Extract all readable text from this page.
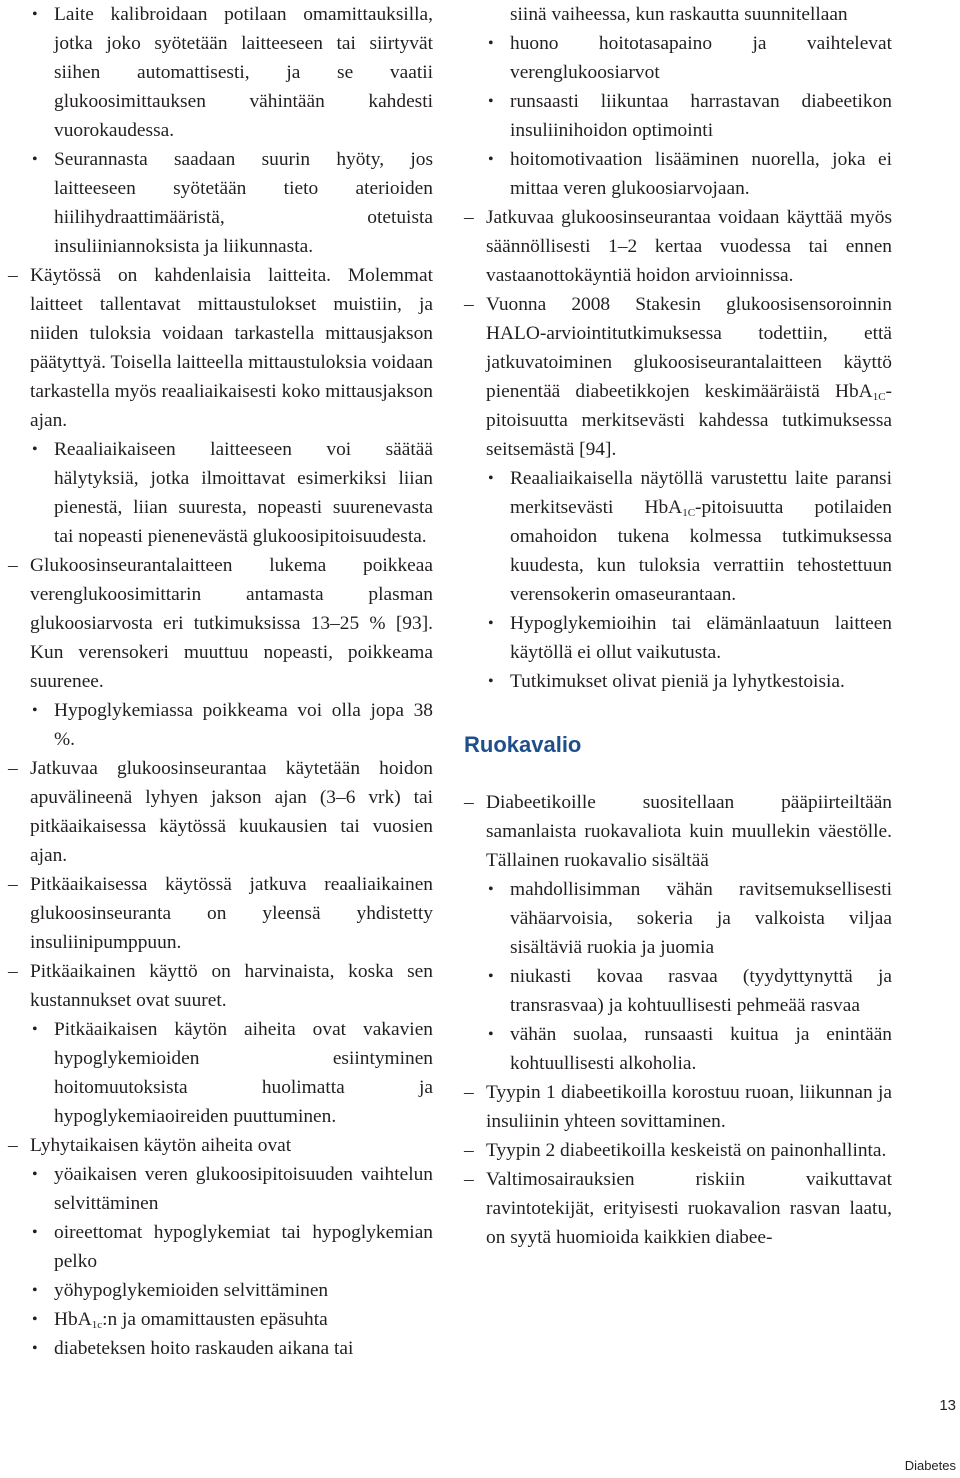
• Laite kalibroidaan potilaan omamittauksilla, jotka joko syötetään laitteeseen tai siirtyvät siihen automattisesti, ja se vaatii glukoosimittauksen vähintään kahdesti vuorokaudessa.
• Seurannasta saadaan suurin hyöty, jos laitteeseen syötetään tieto aterioiden hiilihydraattimääristä, otetuista insuliiniannoksista ja liikunnasta.
– Käytössä on kahdenlaisia laitteita. Molemmat laitteet tallentavat mittaustulokset muistiin, ja niiden tuloksia voidaan tarkastella mittausjakson päätyttyä. Toisella laitteella mittaustuloksia voidaan tarkastella myös reaaliaikaisesti koko mittausjakson ajan.
• Reaaliaikaiseen laitteeseen voi säätää hälytyksiä, jotka ilmoittavat esimerkiksi liian pienestä, liian suuresta, nopeasti suurenevasta tai nopeasti pienenevästä glukoosipitoisuudesta.
– Glukoosinseurantalaitteen lukema poikkeaa verenglukoosimittarin antamasta plasman glukoosiarvosta eri tutkimuksissa 13–25 % [93]. Kun verensokeri muuttuu nopeasti, poikkeama suurenee.
• Hypoglykemiassa poikkeama voi olla jopa 38 %.
– Jatkuvaa glukoosinseurantaa käytetään hoidon apuvälineenä lyhyen jakson ajan (3–6 vrk) tai pitkäaikaisessa käytössä kuukausien tai vuosien ajan.
– Pitkäaikaisessa käytössä jatkuva reaaliaikainen glukoosinseuranta on yleensä yhdistetty insuliinipumppuun.
– Pitkäaikainen käyttö on harvinaista, koska sen kustannukset ovat suuret.
• Pitkäaikaisen käytön aiheita ovat vakavien hypoglykemioiden esiintyminen hoitomuutoksista huolimatta ja hypoglykemiaoireiden puuttuminen.
– Lyhytaikaisen käytön aiheita ovat
• yöaikaisen veren glukoosipitoisuuden vaihtelun selvittäminen
• oireettomat hypoglykemiat tai hypoglykemian pelko
• yöhypoglykemioiden selvittäminen
• HbA$_{1c}$:n ja omamittausten epäsuhta
• diabeteksen hoito raskauden aikana tai
siinä vaiheessa, kun raskautta suunnitellaan
• huono hoitotasapaino ja vaihtelevat verenglukoosiarvot
• runsaasti liikuntaa harrastavan diabeetikon insuliinihoidon optimointi
• hoitomotivaation lisääminen nuorella, joka ei mittaa veren glukoosiarvojaan.
– Jatkuvaa glukoosinseurantaa voidaan käyttää myös säännöllisesti 1–2 kertaa vuodessa tai ennen vastaanottokäyntiä hoidon arvioinnissa.
– Vuonna 2008 Stakesin glukoosisensoroinnin HALO-arviointitutkimuksessa todettiin, että jatkuvatoiminen glukoosiseurantalaitteen käyttö pienentää diabeetikkojen keskimääräistä HbA$_{1C}$-pitoisuutta merkitsevästi kahdessa tutkimuksessa seitsemästä [94].
• Reaaliaikaisella näytöllä varustettu laite paransi merkitsevästi HbA$_{1C}$-pitoisuutta potilaiden omahoidon tukena kolmessa tutkimuksessa kuudesta, kun tuloksia verrattiin tehostettuun verensokerin omaseurantaan.
• Hypoglykemioihin tai elämänlaatuun laitteen käytöllä ei ollut vaikutusta.
• Tutkimukset olivat pieniä ja lyhytkestoisia.
Ruokavalio
– Diabeetikoille suositellaan pääpiirteiltään samanlaista ruokavaliota kuin muullekin väestölle. Tällainen ruokavalio sisältää
• mahdollisimman vähän ravitsemuksellisesti vähäarvoisia, sokeria ja valkoista viljaa sisältäviä ruokia ja juomia
• niukasti kovaa rasvaa (tyydyttynyttä ja transrasvaa) ja kohtuullisesti pehmeää rasvaa
• vähän suolaa, runsaasti kuitua ja enintään kohtuullisesti alkoholia.
– Tyypin 1 diabeetikoilla korostuu ruoan, liikunnan ja insuliinin yhteen sovittaminen.
– Tyypin 2 diabeetikoilla keskeistä on painonhallinta.
– Valtimosairauksien riskiin vaikuttavat ravintotekijät, erityisesti ruokavalion rasvan laatu, on syytä huomioida kaikkien diabee-
13
Diabetes
